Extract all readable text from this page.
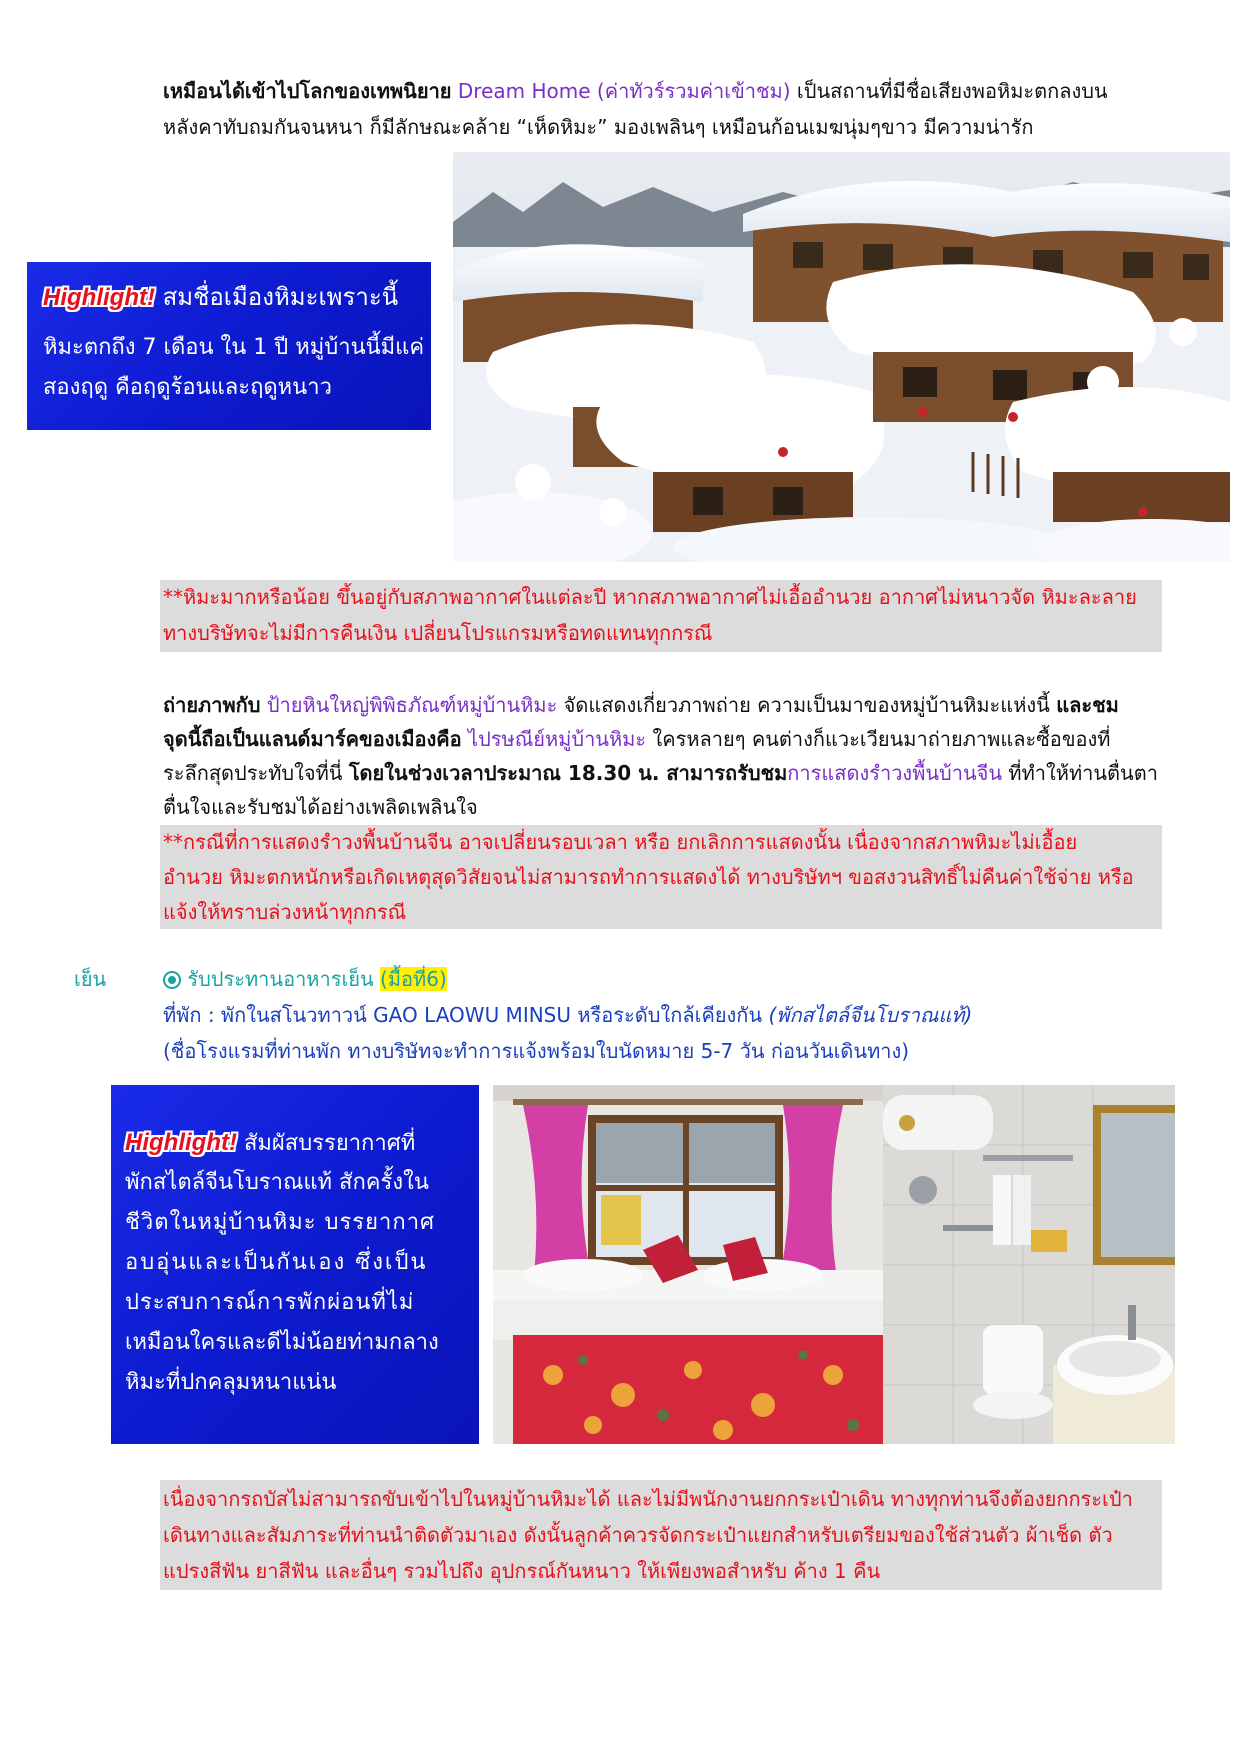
เหมือนได้เข้าไปโลกของเทพนิยาย Dream Home (ค่าทัวร์รวมค่าเข้าชม) เป็นสถานที่มีชื่อเสียงพอหิมะตกลงบน
หลังคาทับถมกันจนหนา ก็มีลักษณะคล้าย “เห็ดหิมะ” มองเพลินๆ เหมือนก้อนเมฆนุ่มๆขาว มีความน่ารัก
Highlight! สมชื่อเมืองหิมะเพราะนี้
หิมะตกถึง 7 เดือน ใน 1 ปี หมู่บ้านนี้มีแค่
สองฤดู คือฤดูร้อนและฤดูหนาว
**หิมะมากหรือน้อย ขึ้นอยู่กับสภาพอากาศในแต่ละปี หากสภาพอากาศไม่เอื้ออำนวย อากาศไม่หนาวจัด หิมะละลาย
ทางบริษัทจะไม่มีการคืนเงิน เปลี่ยนโปรแกรมหรือทดแทนทุกกรณี
ถ่ายภาพกับ ป้ายหินใหญ่พิพิธภัณฑ์หมู่บ้านหิมะ จัดแสดงเกี่ยวภาพถ่าย ความเป็นมาของหมู่บ้านหิมะแห่งนี้ และชม
จุดนี้ถือเป็นแลนด์มาร์คของเมืองคือ ไปรษณีย์หมู่บ้านหิมะ ใครหลายๆ คนต่างก็แวะเวียนมาถ่ายภาพและซื้อของที่
ระลึกสุดประทับใจที่นี่ โดยในช่วงเวลาประมาณ 18.30 น. สามารถรับชมการแสดงรำวงพื้นบ้านจีน ที่ทำให้ท่านตื่นตา
ตื่นใจและรับชมได้อย่างเพลิดเพลินใจ
**กรณีที่การแสดงรำวงพื้นบ้านจีน อาจเปลี่ยนรอบเวลา หรือ ยกเลิกการแสดงนั้น เนื่องจากสภาพหิมะไม่เอื้อย
อำนวย หิมะตกหนักหรือเกิดเหตุสุดวิสัยจนไม่สามารถทำการแสดงได้ ทางบริษัทฯ ขอสงวนสิทธิ์ไม่คืนค่าใช้จ่าย หรือ
แจ้งให้ทราบล่วงหน้าทุกกรณี
เย็น	รับประทานอาหารเย็น (มื้อที่6)
ที่พัก : พักในสโนวทาวน์ GAO LAOWU MINSU หรือระดับใกล้เคียงกัน (พักสไตล์จีนโบราณแท้)
(ชื่อโรงแรมที่ท่านพัก ทางบริษัทจะทำการแจ้งพร้อมใบนัดหมาย 5-7 วัน ก่อนวันเดินทาง)
Highlight! สัมผัสบรรยากาศที่
พักสไตล์จีนโบราณแท้ สักครั้งใน
ชีวิตในหมู่บ้านหิมะ บรรยากาศ
อบอุ่นและเป็นกันเอง ซึ่งเป็น
ประสบการณ์การพักผ่อนที่ไม่
เหมือนใครและดีไม่น้อยท่ามกลาง
หิมะที่ปกคลุมหนาแน่น
เนื่องจากรถบัสไม่สามารถขับเข้าไปในหมู่บ้านหิมะได้ และไม่มีพนักงานยกกระเป๋าเดิน ทางทุกท่านจึงต้องยกกระเป๋า
เดินทางและสัมภาระที่ท่านนำติดตัวมาเอง ดังนั้นลูกค้าควรจัดกระเป๋าแยกสำหรับเตรียมของใช้ส่วนตัว ผ้าเช็ด ตัว
แปรงสีฟัน ยาสีฟัน และอื่นๆ รวมไปถึง อุปกรณ์กันหนาว ให้เพียงพอสำหรับ ค้าง 1 คืน
